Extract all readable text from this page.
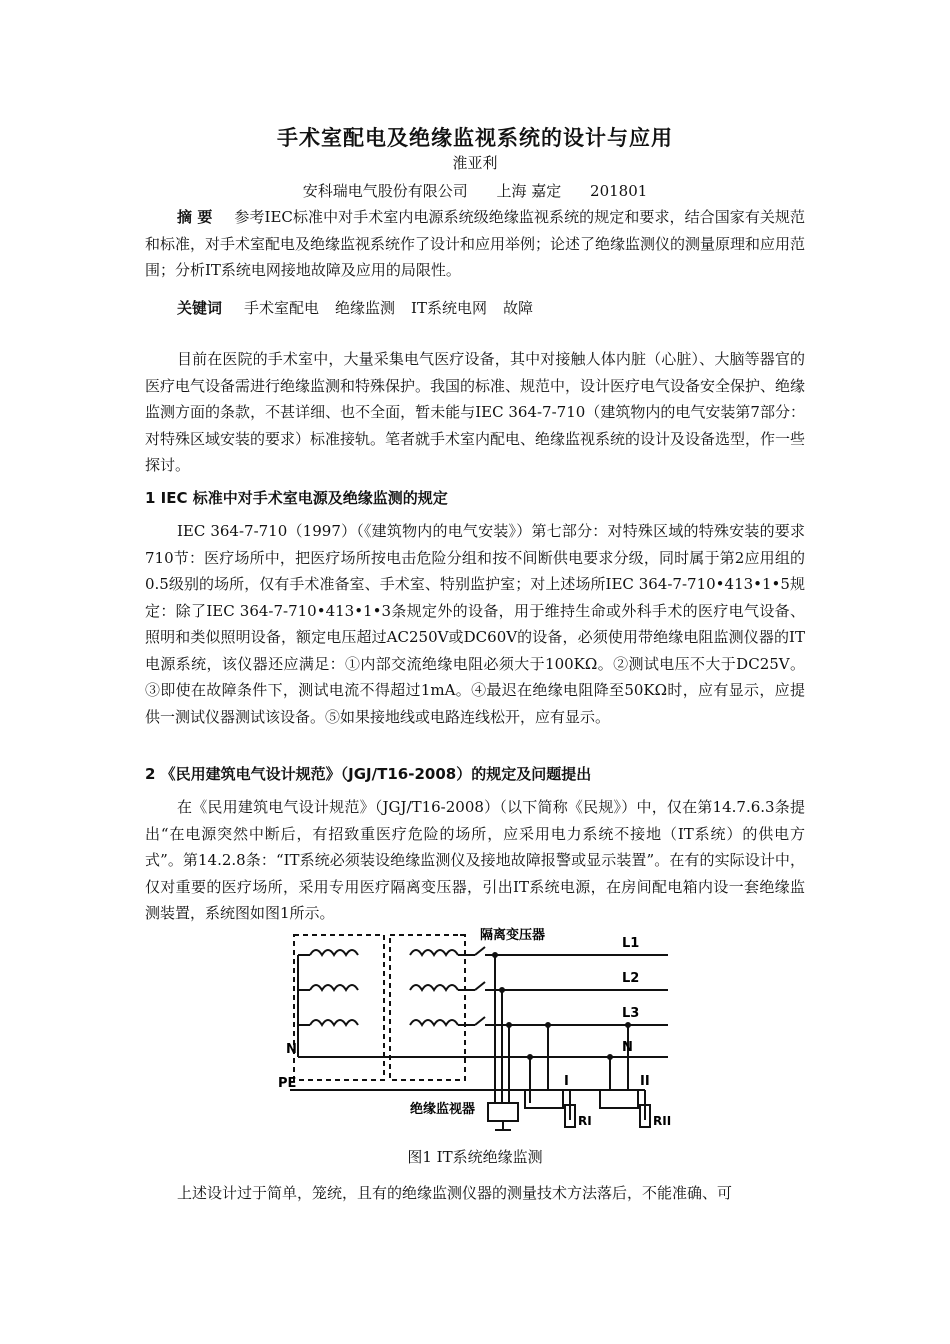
手术室配电及绝缘监视系统的设计与应用
淮亚利
安科瑞电气股份有限公司 上海 嘉定 201801

摘 要 参考IEC标准中对手术室内电源系统级绝缘监视系统的规定和要求，结合国家有关规范和标准，对手术室配电及绝缘监视系统作了设计和应用举例；论述了绝缘监测仪的测量原理和应用范围；分析IT系统电网接地故障及应用的局限性。

关键词 手术室配电 绝缘监测 IT系统电网 故障

目前在医院的手术室中，大量采集电气医疗设备，其中对接触人体内脏（心脏）、大脑等器官的医疗电气设备需进行绝缘监测和特殊保护。我国的标准、规范中，设计医疗电气设备安全保护、绝缘监测方面的条款，不甚详细、也不全面，暂未能与IEC 364-7-710（建筑物内的电气安装第7部分：对特殊区域安装的要求）标准接轨。笔者就手术室内配电、绝缘监视系统的设计及设备选型，作一些探讨。

1 IEC 标准中对手术室电源及绝缘监测的规定

IEC 364-7-710（1997）（《建筑物内的电气安装》）第七部分：对特殊区域的特殊安装的要求710节：医疗场所中，把医疗场所按电击危险分组和按不间断供电要求分级，同时属于第2应用组的0.5级别的场所，仅有手术准备室、手术室、特别监护室；对上述场所IEC 364-7-710•413•1•5规定：除了IEC 364-7-710•413•1•3条规定外的设备，用于维持生命或外科手术的医疗电气设备、照明和类似照明设备，额定电压超过AC250V或DC60V的设备，必须使用带绝缘电阻监测仪器的IT电源系统，该仪器还应满足：①内部交流绝缘电阻必须大于100KΩ。②测试电压不大于DC25V。③即使在故障条件下，测试电流不得超过1mA。④最迟在绝缘电阻降至50KΩ时，应有显示，应提供一测试仪器测试该设备。⑤如果接地线或电路连线松开，应有显示。

2 《民用建筑电气设计规范》（JGJ/T16-2008）的规定及问题提出

在《民用建筑电气设计规范》（JGJ/T16-2008）（以下简称《民规》）中，仅在第14.7.6.3条提出“在电源突然中断后，有招致重医疗危险的场所，应采用电力系统不接地（IT系统）的供电方式”。第14.2.8条：“IT系统必须装设绝缘监测仪及接地故障报警或显示装置”。在有的实际设计中，仅对重要的医疗场所，采用专用医疗隔离变压器，引出IT系统电源，在房间配电箱内设一套绝缘监测装置，系统图如图1所示。

隔离变压器
L1
L2
L3
N
N
PE
绝缘监视器
I	II
RI	RII
图1 IT系统绝缘监测

上述设计过于简单，笼统，且有的绝缘监测仪器的测量技术方法落后，不能准确、可
